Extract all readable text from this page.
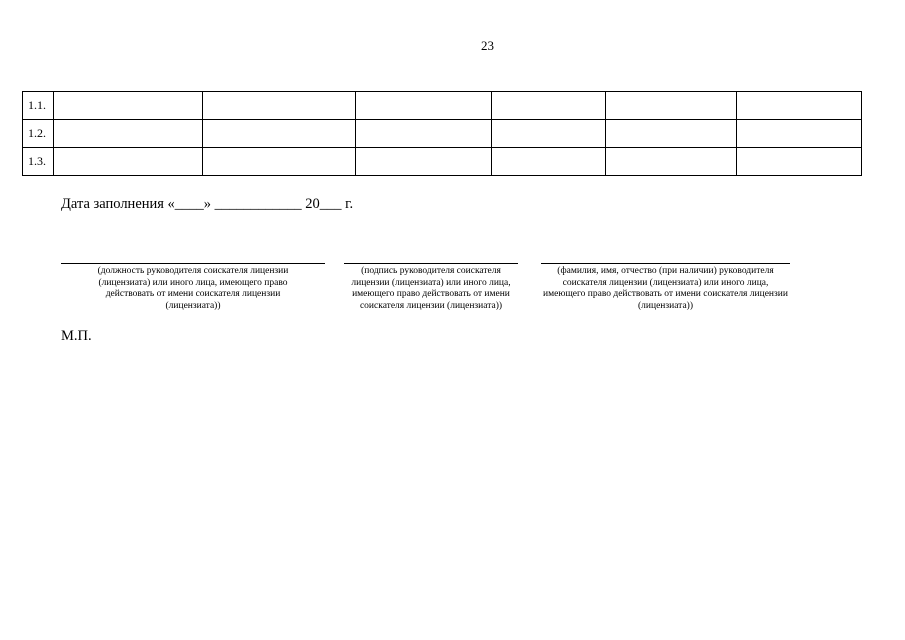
23
1.1.						
1.2.						
1.3.						
Дата заполнения «____» ____________ 20___ г.
(должность руководителя соискателя лицензии (лицензиата) или иного лица, имеющего право действовать от имени соискателя лицензии (лицензиата))
(подпись руководителя соискателя лицензии (лицензиата) или иного лица, имеющего право действовать от имени соискателя лицензии (лицензиата))
(фамилия, имя, отчество (при наличии) руководителя соискателя лицензии (лицензиата) или иного лица, имеющего право действовать от имени соискателя лицензии (лицензиата))
М.П.
